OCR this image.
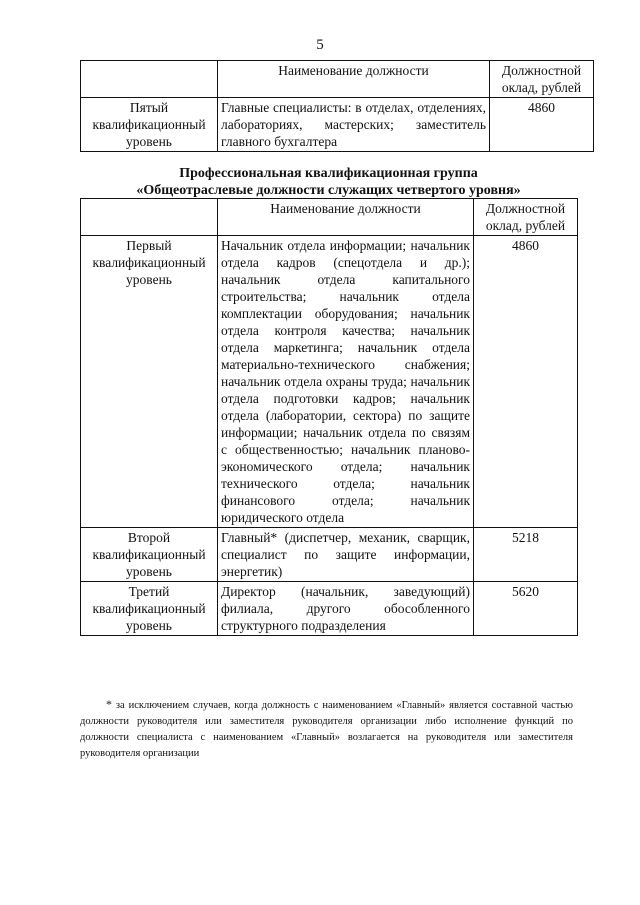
5
	Наименование должности	Должностной оклад, рублей
Пятый квалификационный уровень	Главные специалисты: в отделах, отделениях, лабораториях, мастерских; заместитель главного бухгалтера	4860
Профессиональная квалификационная группа
«Общеотраслевые должности служащих четвертого уровня»
	Наименование должности	Должностной оклад, рублей
Первый квалификационный уровень	Начальник отдела информации; начальник отдела кадров (спецотдела и др.); начальник отдела капитального строительства; начальник отдела комплектации оборудования; начальник отдела контроля качества; начальник отдела маркетинга; начальник отдела материально-технического снабжения; начальник отдела охраны труда; начальник отдела подготовки кадров; начальник отдела (лаборатории, сектора) по защите информации; начальник отдела по связям с общественностью; начальник планово-экономического отдела; начальник технического отдела; начальник финансового отдела; начальник юридического отдела	4860
Второй квалификационный уровень	Главный* (диспетчер, механик, сварщик, специалист по защите информации, энергетик)	5218
Третий квалификационный уровень	Директор (начальник, заведующий) филиала, другого обособленного структурного подразделения	5620
* за исключением случаев, когда должность с наименованием «Главный» является составной частью должности руководителя или заместителя руководителя организации либо исполнение функций по должности специалиста с наименованием «Главный» возлагается на руководителя или заместителя руководителя организации
